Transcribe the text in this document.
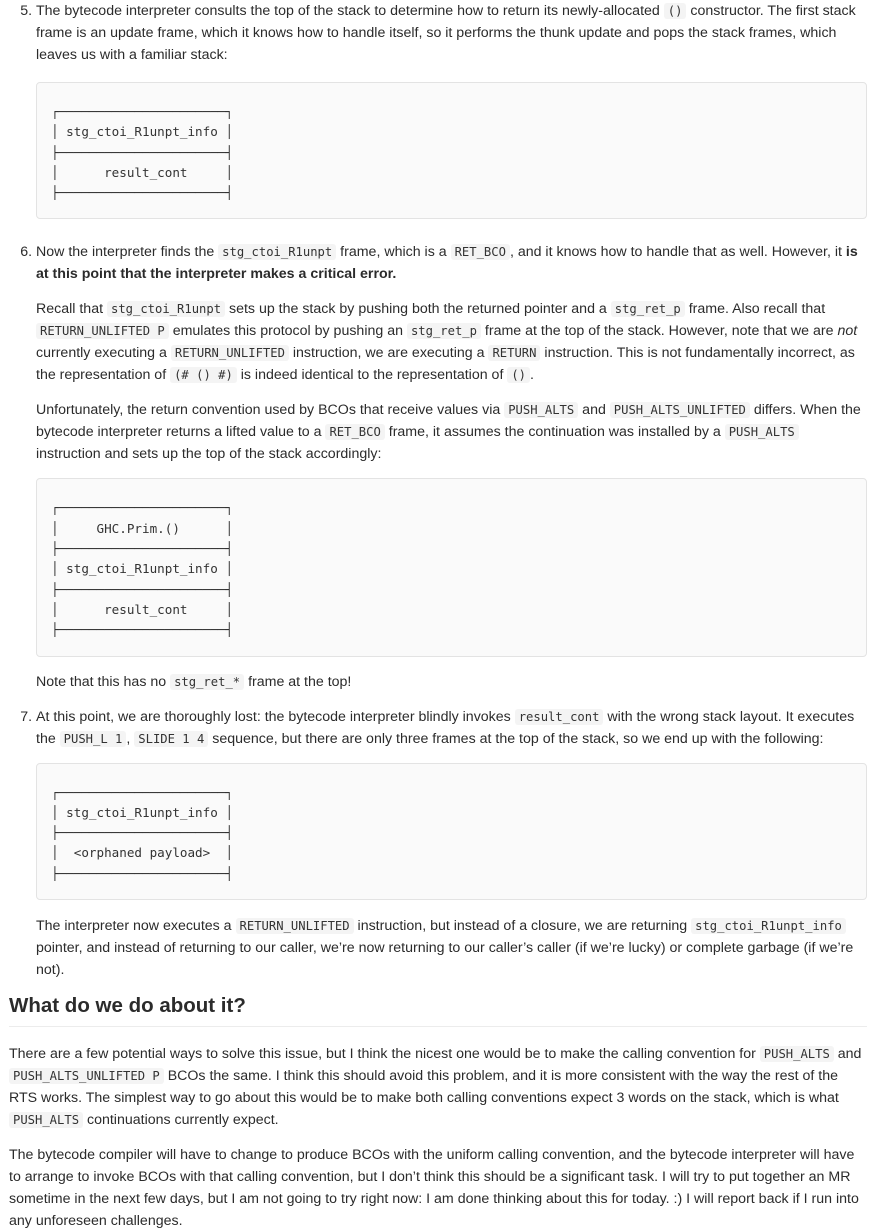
5. The bytecode interpreter consults the top of the stack to determine how to return its newly-allocated () constructor. The first stack frame is an update frame, which it knows how to handle itself, so it performs the thunk update and pops the stack frames, which leaves us with a familiar stack:

┌──────────────────────┐
│ stg_ctoi_R1unpt_info │
├──────────────────────┤
│      result_cont     │
├──────────────────────┤

6. Now the interpreter finds the stg_ctoi_R1unpt frame, which is a RET_BCO , and it knows how to handle that as well. However, it is at this point that the interpreter makes a critical error.

Recall that stg_ctoi_R1unpt sets up the stack by pushing both the returned pointer and a stg_ret_p frame. Also recall that RETURN_UNLIFTED P emulates this protocol by pushing an stg_ret_p frame at the top of the stack. However, note that we are not currently executing a RETURN_UNLIFTED instruction, we are executing a RETURN instruction. This is not fundamentally incorrect, as the representation of (# () #) is indeed identical to the representation of () .

Unfortunately, the return convention used by BCOs that receive values via PUSH_ALTS and PUSH_ALTS_UNLIFTED differs. When the bytecode interpreter returns a lifted value to a RET_BCO frame, it assumes the continuation was installed by a PUSH_ALTS instruction and sets up the top of the stack accordingly:

┌──────────────────────┐
│     GHC.Prim.()      │
├──────────────────────┤
│ stg_ctoi_R1unpt_info │
├──────────────────────┤
│      result_cont     │
├──────────────────────┤

Note that this has no stg_ret_* frame at the top!

7. At this point, we are thoroughly lost: the bytecode interpreter blindly invokes result_cont with the wrong stack layout. It executes the PUSH_L 1 , SLIDE 1 4 sequence, but there are only three frames at the top of the stack, so we end up with the following:

┌──────────────────────┐
│ stg_ctoi_R1unpt_info │
├──────────────────────┤
│  <orphaned payload>  │
├──────────────────────┤

The interpreter now executes a RETURN_UNLIFTED instruction, but instead of a closure, we are returning stg_ctoi_R1unpt_info pointer, and instead of returning to our caller, we’re now returning to our caller’s caller (if we’re lucky) or complete garbage (if we’re not).

What do we do about it?

There are a few potential ways to solve this issue, but I think the nicest one would be to make the calling convention for PUSH_ALTS and PUSH_ALTS_UNLIFTED P BCOs the same. I think this should avoid this problem, and it is more consistent with the way the rest of the RTS works. The simplest way to go about this would be to make both calling conventions expect 3 words on the stack, which is what PUSH_ALTS continuations currently expect.

The bytecode compiler will have to change to produce BCOs with the uniform calling convention, and the bytecode interpreter will have to arrange to invoke BCOs with that calling convention, but I don’t think this should be a significant task. I will try to put together an MR sometime in the next few days, but I am not going to try right now: I am done thinking about this for today. :) I will report back if I run into any unforeseen challenges.
